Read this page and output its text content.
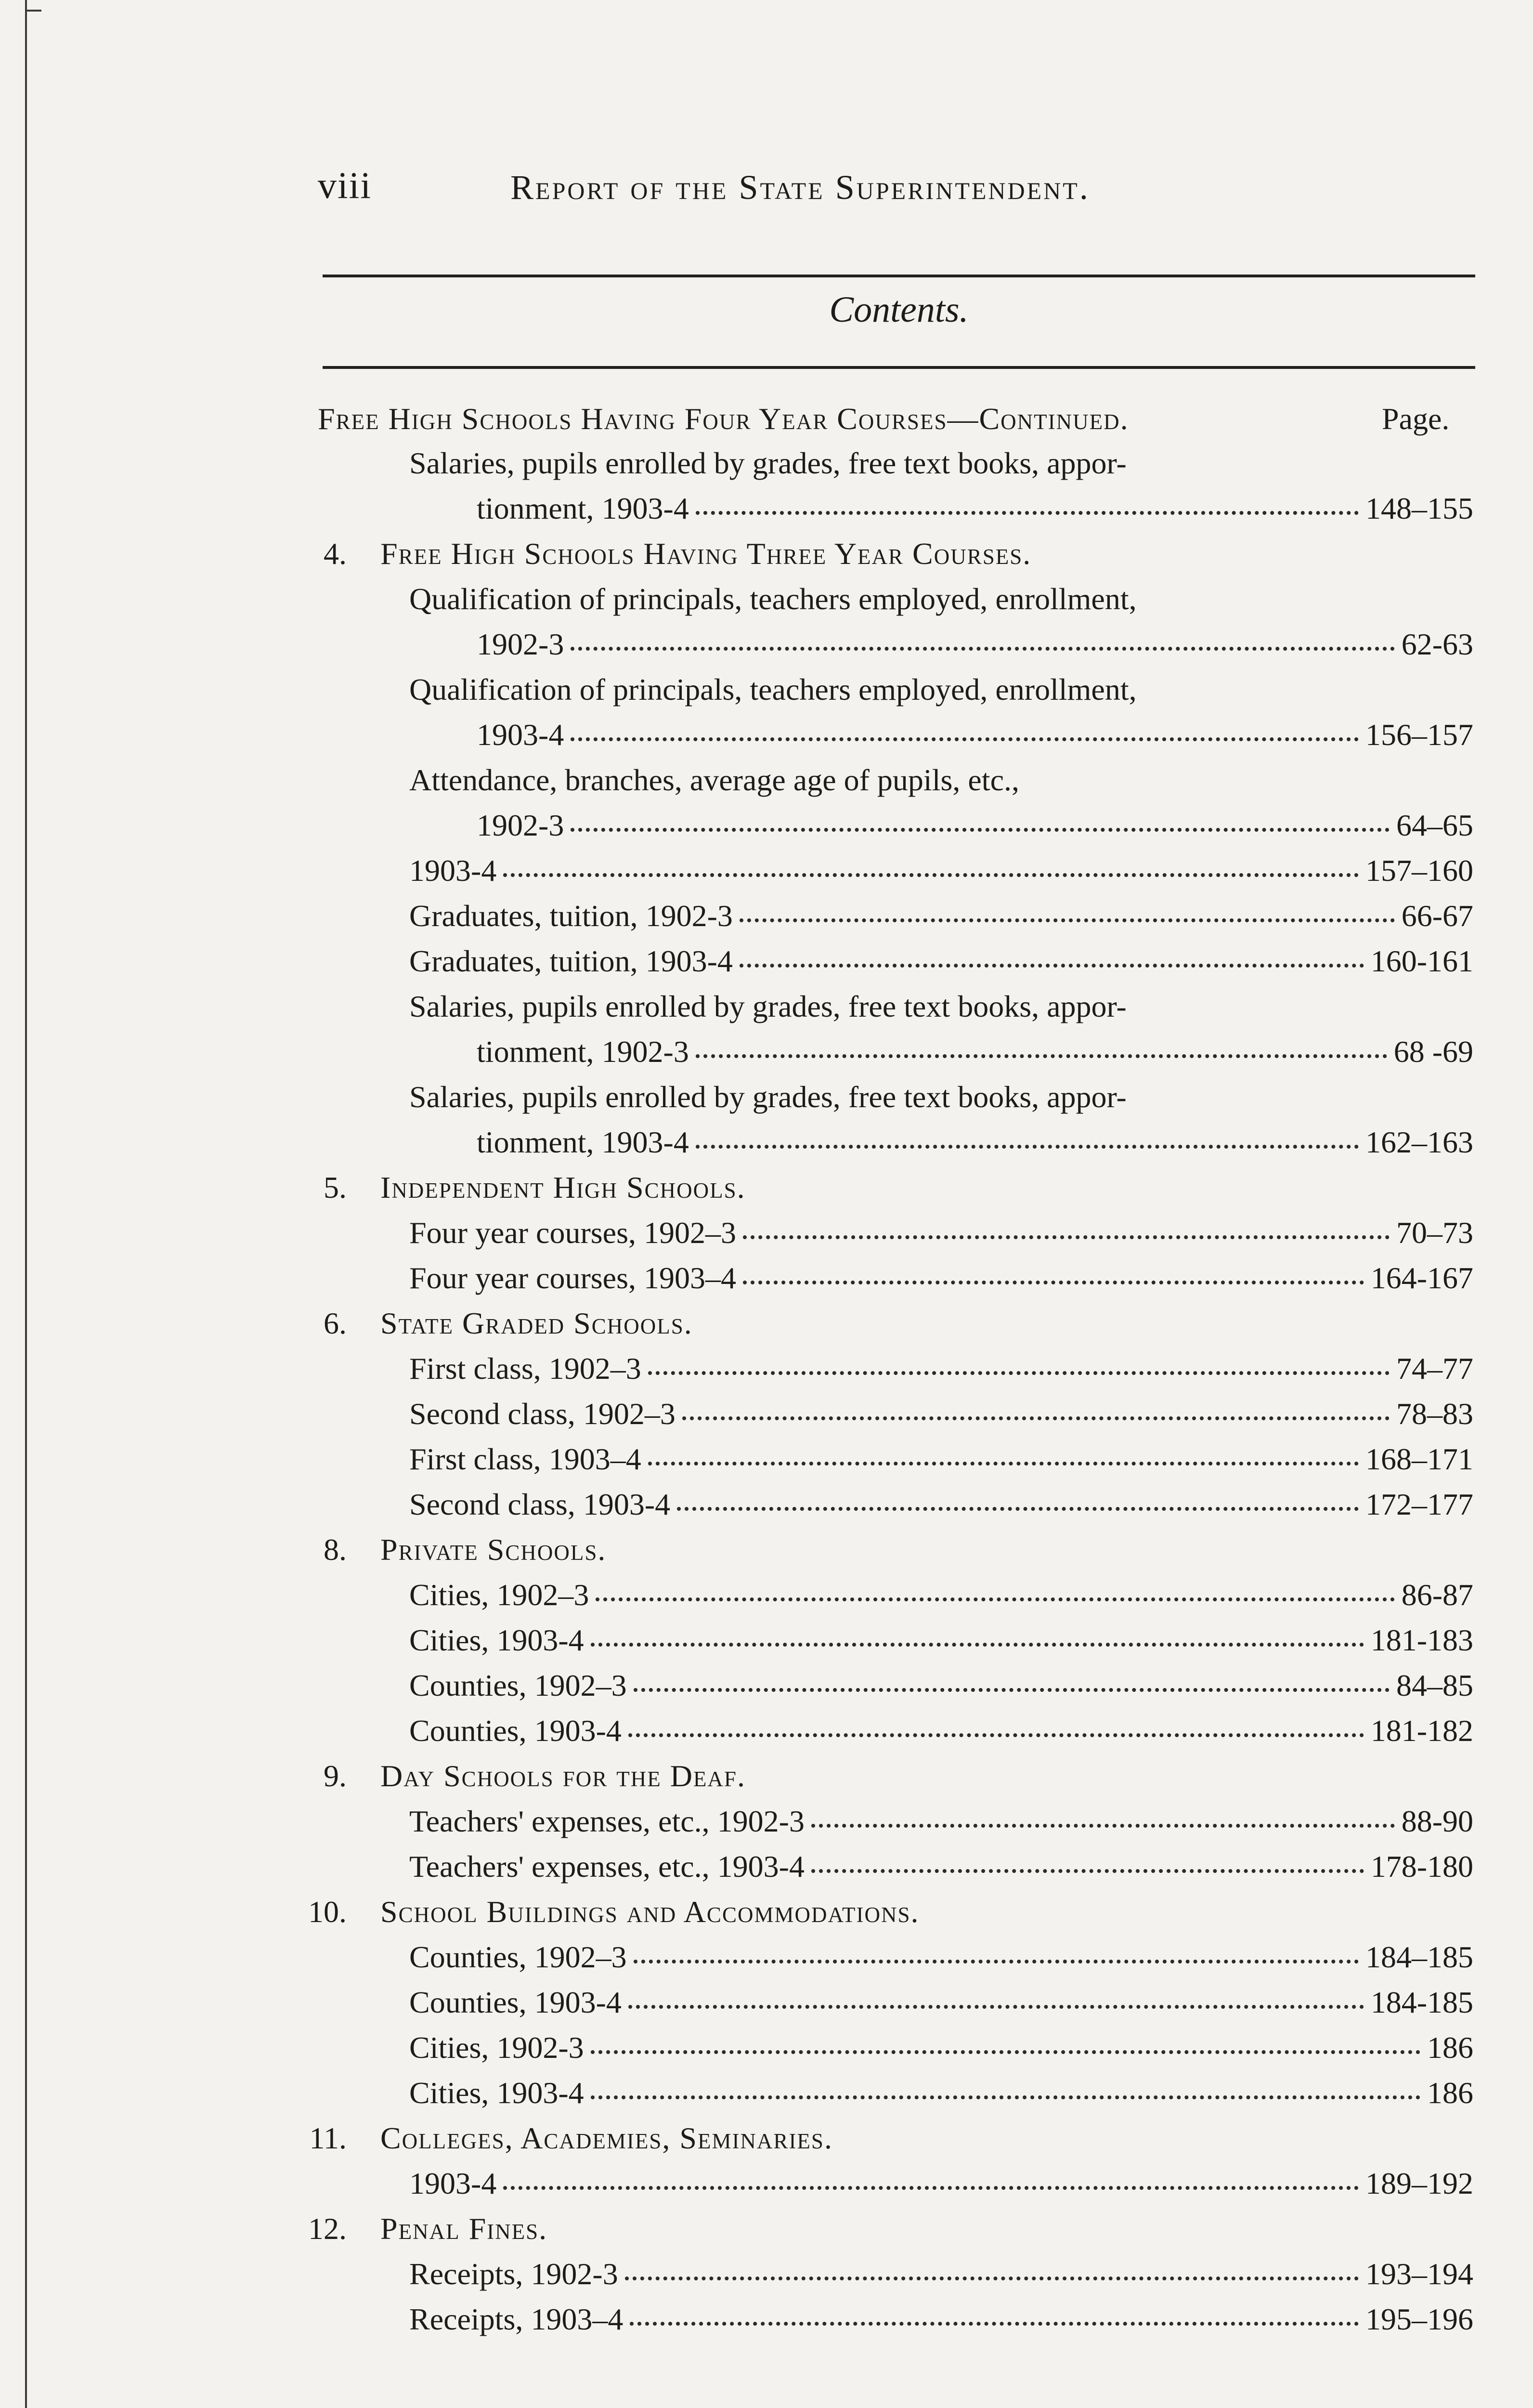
viii	Report of the State Superintendent.
Contents.
Free High Schools Having Four Year Courses—Continued.	Page.
Salaries, pupils enrolled by grades, free text books, appor-
tionment, 1903-4	148–155
4. Free High Schools Having Three Year Courses.
Qualification of principals, teachers employed, enrollment,
1902-3	62-63
Qualification of principals, teachers employed, enrollment,
1903-4	156–157
Attendance, branches, average age of pupils, etc.,
1902-3	64–65
1903-4	157–160
Graduates, tuition, 1902-3	66-67
Graduates, tuition, 1903-4	160-161
Salaries, pupils enrolled by grades, free text books, appor-
tionment, 1902-3	68 -69
Salaries, pupils enrolled by grades, free text books, appor-
tionment, 1903-4	162–163
5. Independent High Schools.
Four year courses, 1902–3	70–73
Four year courses, 1903–4	164-167
6. State Graded Schools.
First class, 1902–3	74–77
Second class, 1902–3	78–83
First class, 1903–4	168–171
Second class, 1903-4	172–177
8. Private Schools.
Cities, 1902–3	86-87
Cities, 1903-4	181-183
Counties, 1902–3	84–85
Counties, 1903-4	181-182
9. Day Schools for the Deaf.
Teachers' expenses, etc., 1902-3	88-90
Teachers' expenses, etc., 1903-4	178-180
10. School Buildings and Accommodations.
Counties, 1902–3	184–185
Counties, 1903-4	184-185
Cities, 1902-3	186
Cities, 1903-4	186
11. Colleges, Academies, Seminaries.
1903-4	189–192
12. Penal Fines.
Receipts, 1902-3	193–194
Receipts, 1903–4	195–196
